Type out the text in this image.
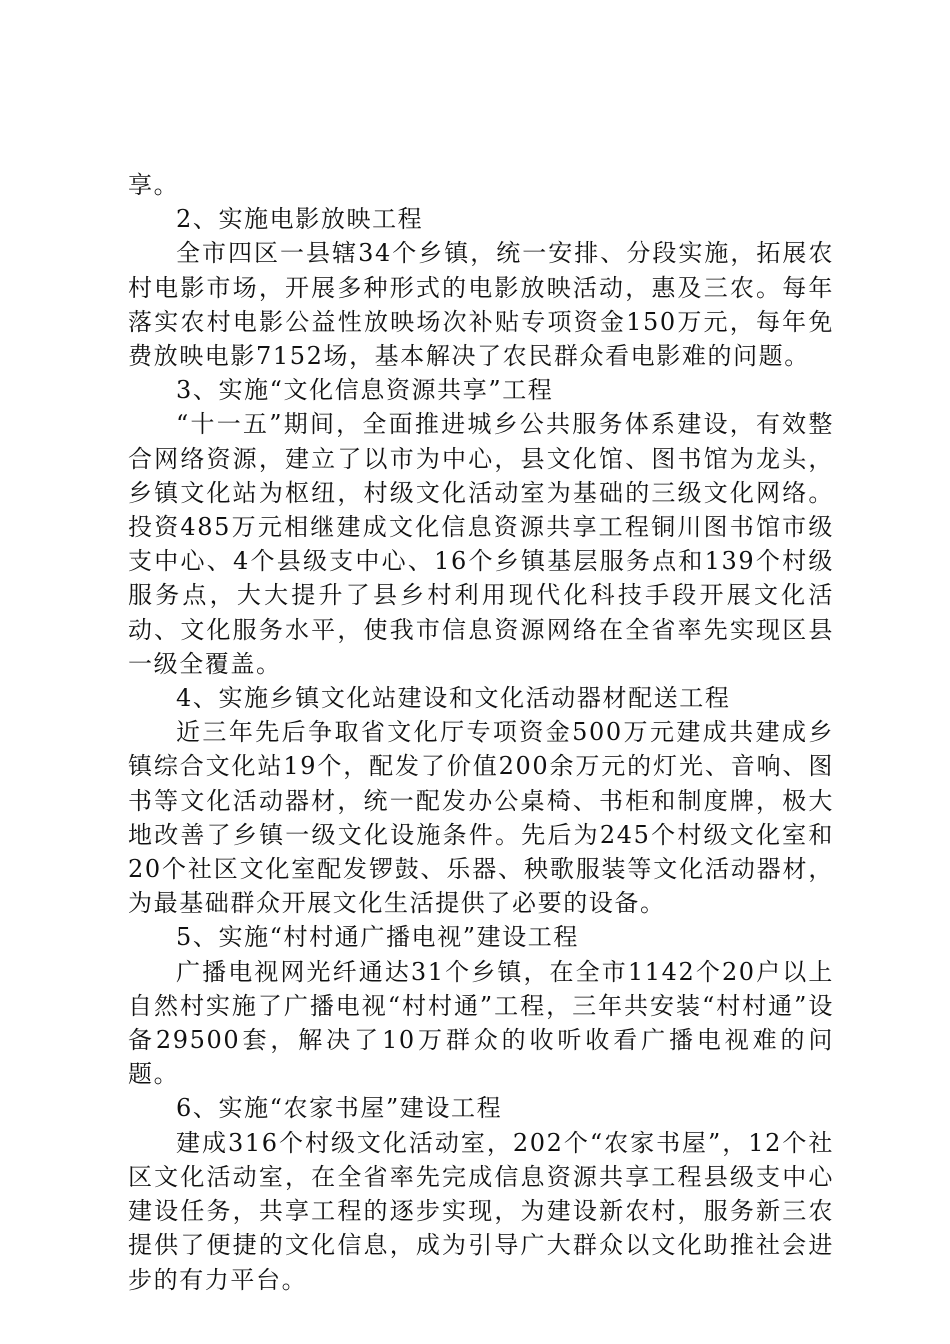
享。

2、实施电影放映工程

全市四区一县辖34个乡镇，统一安排、分段实施，拓展农村电影市场，开展多种形式的电影放映活动，惠及三农。每年落实农村电影公益性放映场次补贴专项资金150万元，每年免费放映电影7152场，基本解决了农民群众看电影难的问题。

3、实施“文化信息资源共享”工程

“十一五”期间，全面推进城乡公共服务体系建设，有效整合网络资源，建立了以市为中心，县文化馆、图书馆为龙头，乡镇文化站为枢纽，村级文化活动室为基础的三级文化网络。投资485万元相继建成文化信息资源共享工程铜川图书馆市级支中心、4个县级支中心、16个乡镇基层服务点和139个村级服务点，大大提升了县乡村利用现代化科技手段开展文化活动、文化服务水平，使我市信息资源网络在全省率先实现区县一级全覆盖。

4、实施乡镇文化站建设和文化活动器材配送工程

近三年先后争取省文化厅专项资金500万元建成共建成乡镇综合文化站19个，配发了价值200余万元的灯光、音响、图书等文化活动器材，统一配发办公桌椅、书柜和制度牌，极大地改善了乡镇一级文化设施条件。先后为245个村级文化室和20个社区文化室配发锣鼓、乐器、秧歌服装等文化活动器材，为最基础群众开展文化生活提供了必要的设备。

5、实施“村村通广播电视”建设工程

广播电视网光纤通达31个乡镇，在全市1142个20户以上自然村实施了广播电视“村村通”工程，三年共安装“村村通”设备29500套，解决了10万群众的收听收看广播电视难的问题。

6、实施“农家书屋”建设工程

建成316个村级文化活动室，202个“农家书屋”，12个社区文化活动室，在全省率先完成信息资源共享工程县级支中心建设任务，共享工程的逐步实现，为建设新农村，服务新三农提供了便捷的文化信息，成为引导广大群众以文化助推社会进步的有力平台。
